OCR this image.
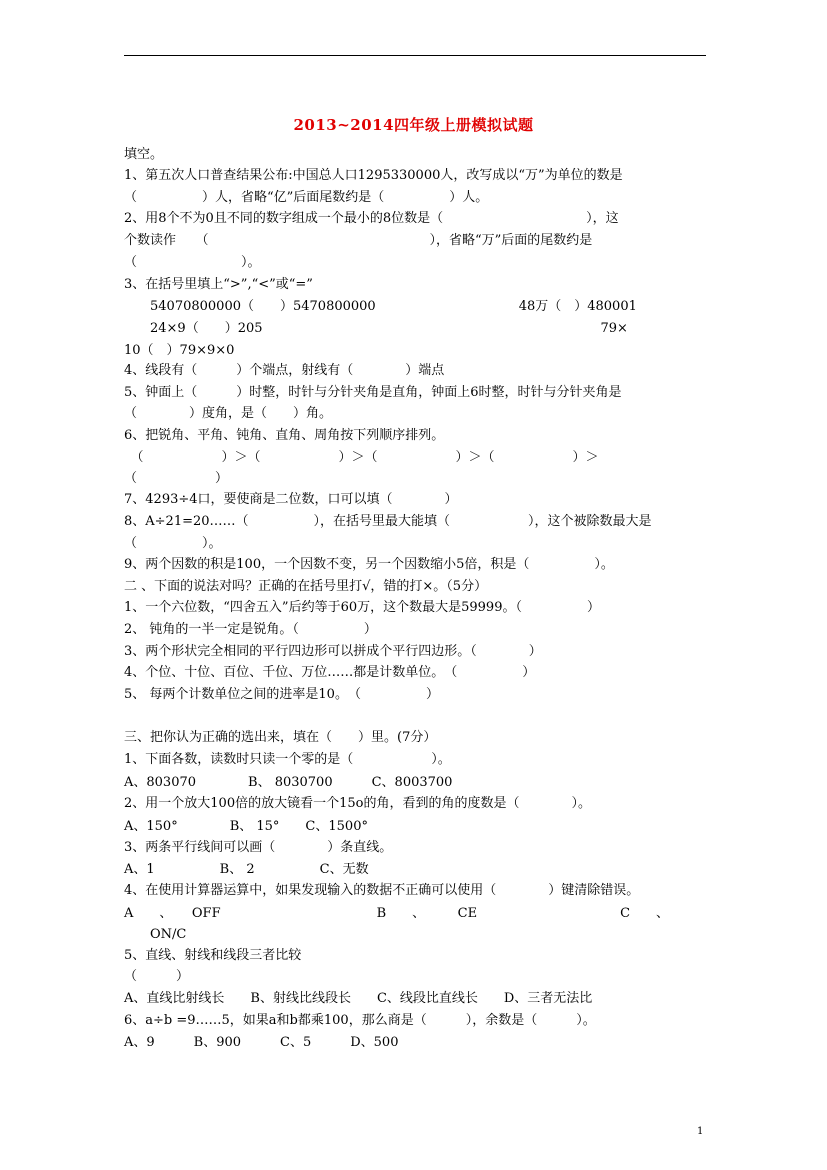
2013~2014四年级上册模拟试题
填空。
1、第五次人口普查结果公布:中国总人口1295330000人，改写成以“万”为单位的数是
（　　　　　）人，省略“亿”后面尾数约是（　　　　　）人。
2、用8个不为0且不同的数字组成一个最小的8位数是（　　　　　　　　　　　），这
个数读作　　（　　　　　　　　　　　　　　　　　），省略“万”后面的尾数约是
（　　　　　　　　）。
3、在括号里填上“>”,“<”或“=”
　　54070800000（　　）5470800000　　　　　　　　　　　48万（　）480001
　　24×9（　　）205　　　　　　　　　　　　　　　　　　　　　　　　　　79×
10（　）79×9×0
4、线段有（　　　）个端点，射线有（　　　　）端点
5、钟面上（　　　）时整，时针与分针夹角是直角，钟面上6时整，时针与分针夹角是
（　　　　）度角，是（　　）角。
6、把锐角、平角、钝角、直角、周角按下列顺序排列。
　（　　　　　　）＞（　　　　　　）＞（　　　　　　）＞（　　　　　　）＞
（　　　　　　）
7、4293÷4口，要使商是二位数，口可以填（　　　　）
8、A÷21=20……（　　　　　），在括号里最大能填（　　　　　　），这个被除数最大是
（　　　　　）。
9、两个因数的积是100，一个因数不变，另一个因数缩小5倍，积是（　　　　　）。
二 、下面的说法对吗？正确的在括号里打√，错的打×。（5分）
1、一个六位数，“四舍五入”后约等于60万，这个数最大是59999。（　　　　　）
2、 钝角的一半一定是锐角。（　　　　　）
3、两个形状完全相同的平行四边形可以拼成个平行四边形。（　　　　）
4、个位、十位、百位、千位、万位……都是计数单位。　（　　　　　）
5、 每两个计数单位之间的进率是10。　（　　　　　）
三、把你认为正确的选出来，填在（　　）里。(7分）
1、下面各数，读数时只读一个零的是（　　　　　　）。
A、803070　　　　B、 8030700　　　C、8003700
2、用一个放大100倍的放大镜看一个15o的角，看到的角的度数是（　　　　）。
A、150°　　　　B、 15°　　C、1500°
3、两条平行线间可以画（　　　　）条直线。
A、1　　　　　B、 2　　　　　C、无数
4、在使用计算器运算中，如果发现输入的数据不正确可以使用（　　　　）键清除错误。
A　　、　　OFF　　　　　　　　　　　　B　　、　　　CE　　　　　　　　　　　C　　、
　　ON/C
5、直线、射线和线段三者比较
（　　　）
A、直线比射线长　　B、射线比线段长　　C、线段比直线长　　D、三者无法比
6、a÷b =9……5，如果a和b都乘100，那么商是（　　　），余数是（　　　）。
A、9　　　B、900　　　C、5　　　D、500
1
